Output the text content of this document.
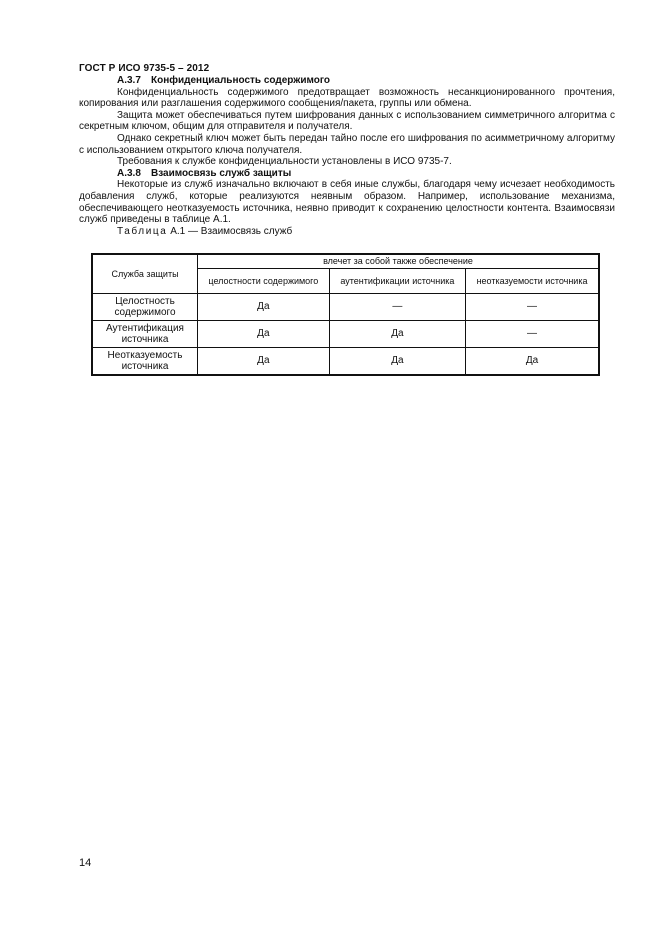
ГОСТ Р ИСО 9735-5 – 2012

А.3.7 Конфиденциальность содержимого

Конфиденциальность содержимого предотвращает возможность несанкционированного прочтения, копирования или разглашения содержимого сообщения/пакета, группы или обмена.

Защита может обеспечиваться путем шифрования данных с использованием симметричного алгоритма с секретным ключом, общим для отправителя и получателя.

Однако секретный ключ может быть передан тайно после его шифрования по асимметричному алгоритму с использованием открытого ключа получателя.

Требования к службе конфиденциальности установлены в ИСО 9735-7.

А.3.8 Взаимосвязь служб защиты

Некоторые из служб изначально включают в себя иные службы, благодаря чему исчезает необходимость добавления служб, которые реализуются неявным образом. Например, использование механизма, обеспечивающего неотказуемость источника, неявно приводит к сохранению целостности контента. Взаимосвязи служб приведены в таблице А.1.

Таблица А.1 — Взаимосвязь служб

Служба защиты	влечет за собой также обеспечение		
	целостности содержимого	аутентификации источника	неотказуемости источника
Целостность содержимого	Да	—	—
Аутентификация источника	Да	Да	—
Неотказуемость источника	Да	Да	Да
14
